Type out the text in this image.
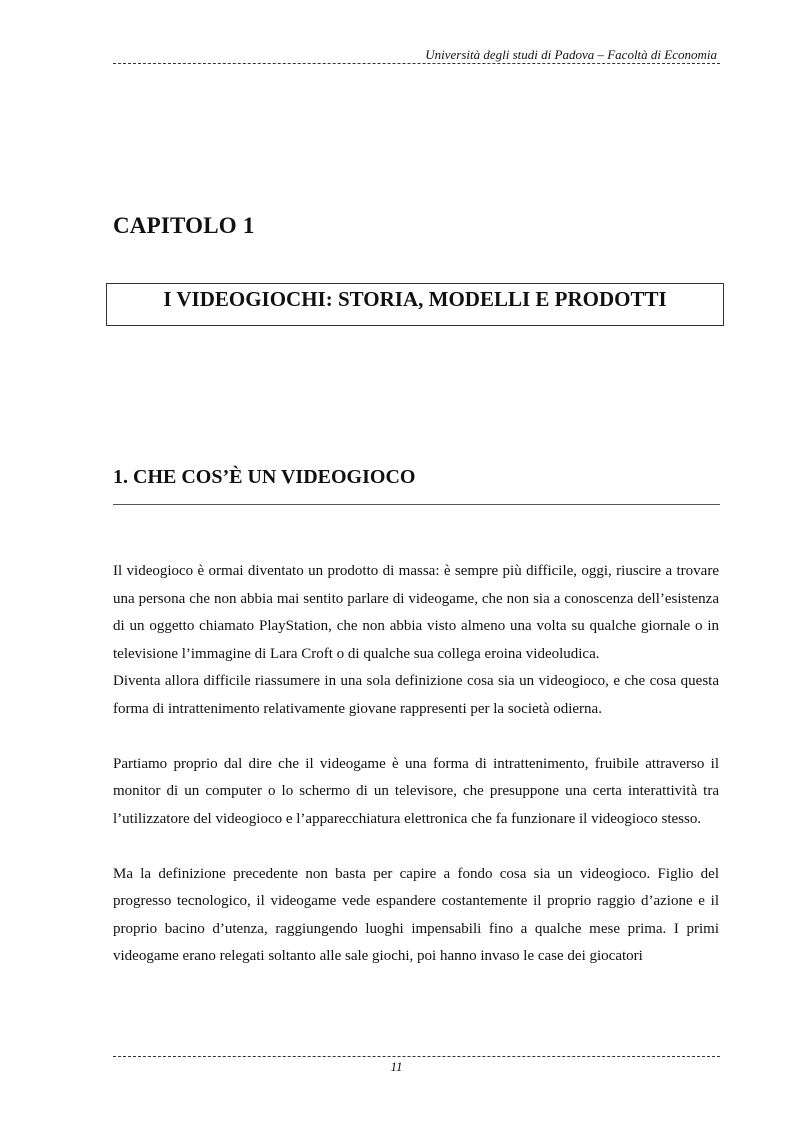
Università degli studi di Padova – Facoltà di Economia
CAPITOLO 1
I VIDEOGIOCHI: STORIA, MODELLI E PRODOTTI
1. CHE COS’È UN VIDEOGIOCO

Il videogioco è ormai diventato un prodotto di massa: è sempre più difficile, oggi, riuscire a trovare una persona che non abbia mai sentito parlare di videogame, che non sia a conoscenza dell’esistenza di un oggetto chiamato PlayStation, che non abbia visto almeno una volta su qualche giornale o in televisione l’immagine di Lara Croft o di qualche sua collega eroina videoludica.

Diventa allora difficile riassumere in una sola definizione cosa sia un videogioco, e che cosa questa forma di intrattenimento relativamente giovane rappresenti per la società odierna.

Partiamo proprio dal dire che il videogame è una forma di intrattenimento, fruibile attraverso il monitor di un computer o lo schermo di un televisore, che presuppone una certa interattività tra l’utilizzatore del videogioco e l’apparecchiatura elettronica che fa funzionare il videogioco stesso.

Ma la definizione precedente non basta per capire a fondo cosa sia un videogioco. Figlio del progresso tecnologico, il videogame vede espandere costantemente il proprio raggio d’azione e il proprio bacino d’utenza, raggiungendo luoghi impensabili fino a qualche mese prima. I primi videogame erano relegati soltanto alle sale giochi, poi hanno invaso le case dei giocatori

11
